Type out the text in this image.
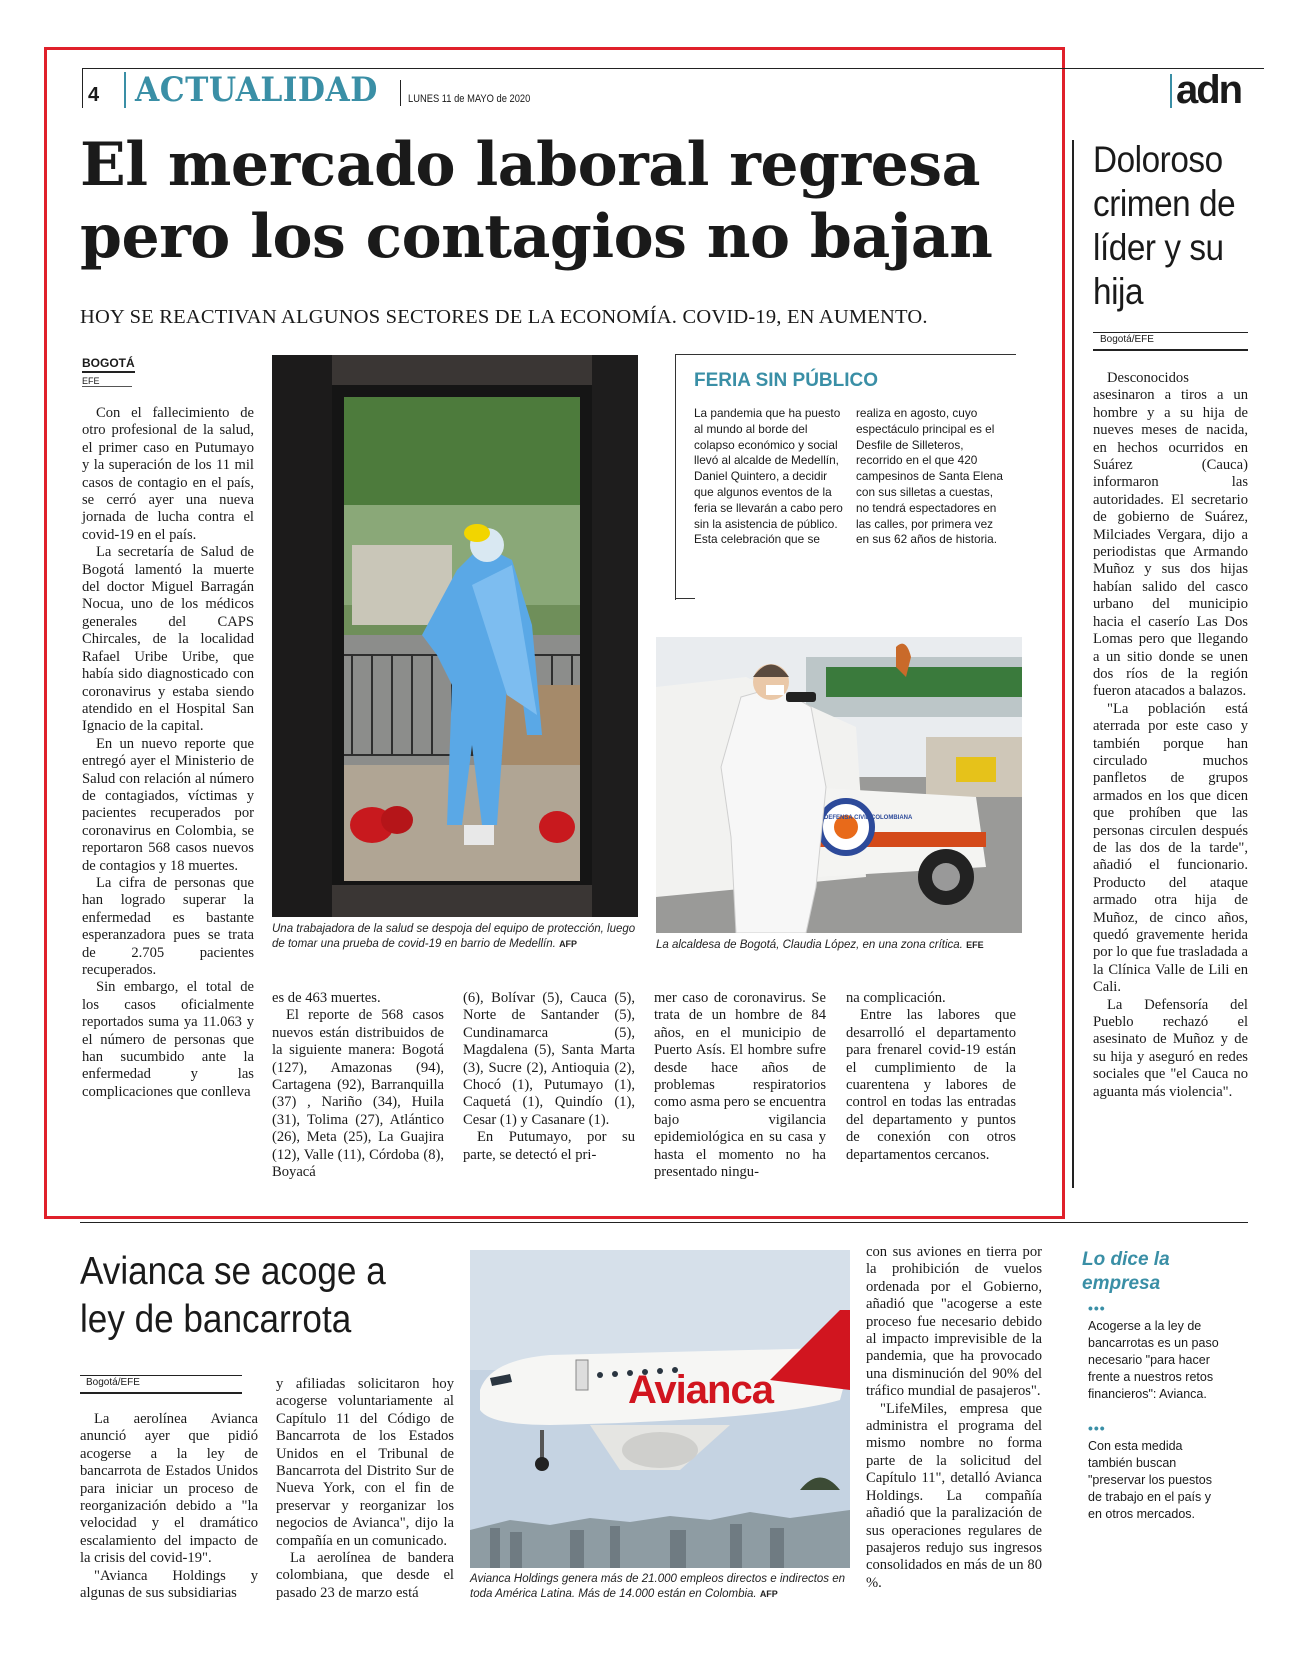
4 ACTUALIDAD	LUNES 11 de MAYO de 2020	adn
El mercado laboral regresa
pero los contagios no bajan
HOY SE REACTIVAN ALGUNOS SECTORES DE LA ECONOMÍA. COVID-19, EN AUMENTO.
BOGOTÁ
EFE

Con el fallecimiento de otro profesional de la salud, el primer caso en Putumayo y la superación de los 11 mil casos de contagio en el país, se cerró ayer una nueva jornada de lucha contra el covid-19 en el país.

La secretaría de Salud de Bogotá lamentó la muerte del doctor Miguel Barragán Nocua, uno de los médicos generales del CAPS Chircales, de la localidad Rafael Uribe Uribe, que había sido diagnosticado con coronavirus y estaba siendo atendido en el Hospital San Ignacio de la capital.

En un nuevo reporte que entregó ayer el Ministerio de Salud con relación al número de contagiados, víctimas y pacientes recuperados por coronavirus en Colombia, se reportaron 568 casos nuevos de contagios y 18 muertes.

La cifra de personas que han logrado superar la enfermedad es bastante esperanzadora pues se trata de 2.705 pacientes recuperados.

Sin embargo, el total de los casos oficialmente reportados suma ya 11.063 y el número de personas que han sucumbido ante la enfermedad y las complicaciones que conlleva

Una trabajadora de la salud se despoja del equipo de protección, luego de tomar una prueba de covid-19 en barrio de Medellín. AFP
FERIA SIN PÚBLICO
La pandemia que ha puesto al mundo al borde del colapso económico y social llevó al alcalde de Medellín, Daniel Quintero, a decidir que algunos eventos de la feria se llevarán a cabo pero sin la asistencia de público. Esta celebración que se
realiza en agosto, cuyo espectáculo principal es el Desfile de Silleteros, recorrido en el que 420 campesinos de Santa Elena con sus silletas a cuestas, no tendrá espectadores en las calles, por primera vez en sus 62 años de historia.
DEFENSA CIVIL COLOMBIANA
La alcaldesa de Bogotá, Claudia López, en una zona crítica. EFE

es de 463 muertes.

El reporte de 568 casos nuevos están distribuidos de la siguiente manera: Bogotá (127), Amazonas (94), Cartagena (92), Barranquilla (37) , Nariño (34), Huila (31), Tolima (27), Atlántico (26), Meta (25), La Guajira (12), Valle (11), Córdoba (8), Boyacá

(6), Bolívar (5), Cauca (5), Norte de Santander (5), Cundinamarca (5), Magdalena (5), Santa Marta (3), Sucre (2), Antioquia (2), Chocó (1), Putumayo (1), Caquetá (1), Quindío (1), Cesar (1) y Casanare (1).

En Putumayo, por su parte, se detectó el pri-

mer caso de coronavirus. Se trata de un hombre de 84 años, en el municipio de Puerto Asís. El hombre sufre desde hace años de problemas respiratorios como asma pero se encuentra bajo vigilancia epidemiológica en su casa y hasta el momento no ha presentado ningu-

na complicación.

Entre las labores que desarrolló el departamento para frenarel covid-19 están el cumplimiento de la cuarentena y labores de control en todas las entradas del departamento y puntos de conexión con otros departamentos cercanos.

Doloroso crimen de líder y su hija
Bogotá/EFE

Desconocidos asesinaron a tiros a un hombre y a su hija de nueves meses de nacida, en hechos ocurridos en Suárez (Cauca) informaron las autoridades. El secretario de gobierno de Suárez, Milciades Vergara, dijo a periodistas que Armando Muñoz y sus dos hijas habían salido del casco urbano del municipio hacia el caserío Las Dos Lomas pero que llegando a un sitio donde se unen dos ríos de la región fueron atacados a balazos.

"La población está aterrada por este caso y también porque han circulado muchos panfletos de grupos armados en los que dicen que prohíben que las personas circulen después de las dos de la tarde", añadió el funcionario. Producto del ataque armado otra hija de Muñoz, de cinco años, quedó gravemente herida por lo que fue trasladada a la Clínica Valle de Lili en Cali.

La Defensoría del Pueblo rechazó el asesinato de Muñoz y de su hija y aseguró en redes sociales que "el Cauca no aguanta más violencia".

Avianca se acoge a
ley de bancarrota
Bogotá/EFE

La aerolínea Avianca anunció ayer que pidió acogerse a la ley de bancarrota de Estados Unidos para iniciar un proceso de reorganización debido a "la velocidad y el dramático escalamiento del impacto de la crisis del covid-19".

"Avianca Holdings y algunas de sus subsidiarias

y afiliadas solicitaron hoy acogerse voluntariamente al Capítulo 11 del Código de Bancarrota de los Estados Unidos en el Tribunal de Bancarrota del Distrito Sur de Nueva York, con el fin de preservar y reorganizar los negocios de Avianca", dijo la compañía en un comunicado.

La aerolínea de bandera colombiana, que desde el pasado 23 de marzo está

Avianca
Avianca Holdings genera más de 21.000 empleos directos e indirectos en toda América Latina. Más de 14.000 están en Colombia. AFP

con sus aviones en tierra por la prohibición de vuelos ordenada por el Gobierno, añadió que "acogerse a este proceso fue necesario debido al impacto imprevisible de la pandemia, que ha provocado una disminución del 90% del tráfico mundial de pasajeros".

"LifeMiles, empresa que administra el programa del mismo nombre no forma parte de la solicitud del Capítulo 11", detalló Avianca Holdings. La compañía añadió que la paralización de sus operaciones regulares de pasajeros redujo sus ingresos consolidados en más de un 80 %.

Lo dice la empresa
•••
Acogerse a la ley de bancarrotas es un paso necesario "para hacer frente a nuestros retos financieros": Avianca.
•••
Con esta medida también buscan "preservar los puestos de trabajo en el país y en otros mercados.
